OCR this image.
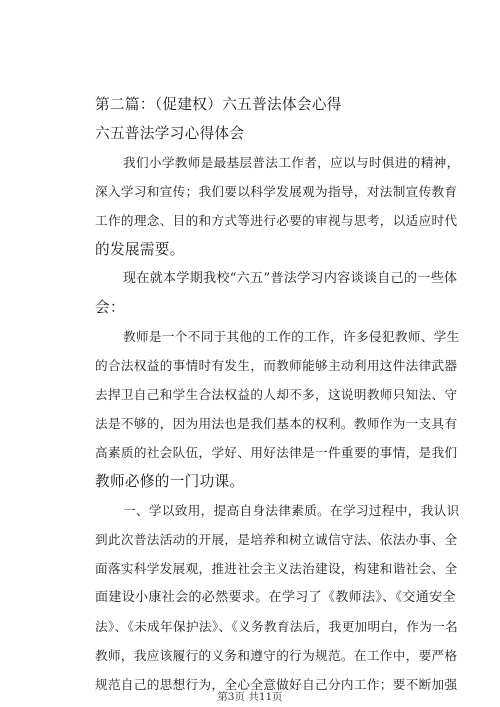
第二篇：（促建权）六五普法体会心得
六五普法学习心得体会
我们小学教师是最基层普法工作者，应以与时俱进的精神，
深入学习和宣传；我们要以科学发展观为指导，对法制宣传教育
工作的理念、目的和方式等进行必要的审视与思考，以适应时代
的发展需要。
现在就本学期我校“六五”普法学习内容谈谈自己的一些体
会：
教师是一个不同于其他的工作的工作，许多侵犯教师、学生
的合法权益的事情时有发生，而教师能够主动利用这件法律武器
去捍卫自己和学生合法权益的人却不多，这说明教师只知法、守
法是不够的，因为用法也是我们基本的权利。教师作为一支具有
高素质的社会队伍，学好、用好法律是一件重要的事情，是我们
教师必修的一门功课。
一、学以致用，提高自身法律素质。在学习过程中，我认识
到此次普法活动的开展，是培养和树立诚信守法、依法办事、全
面落实科学发展观，推进社会主义法治建设，构建和谐社会、全
面建设小康社会的必然要求。在学习了《教师法》、《交通安全
法》、《未成年保护法》、《义务教育法后，我更加明白，作为一名
教师，我应该履行的义务和遵守的行为规范。在工作中，要严格
规范自己的思想行为，全心全意做好自己分内工作；要不断加强
第3页 共11页
